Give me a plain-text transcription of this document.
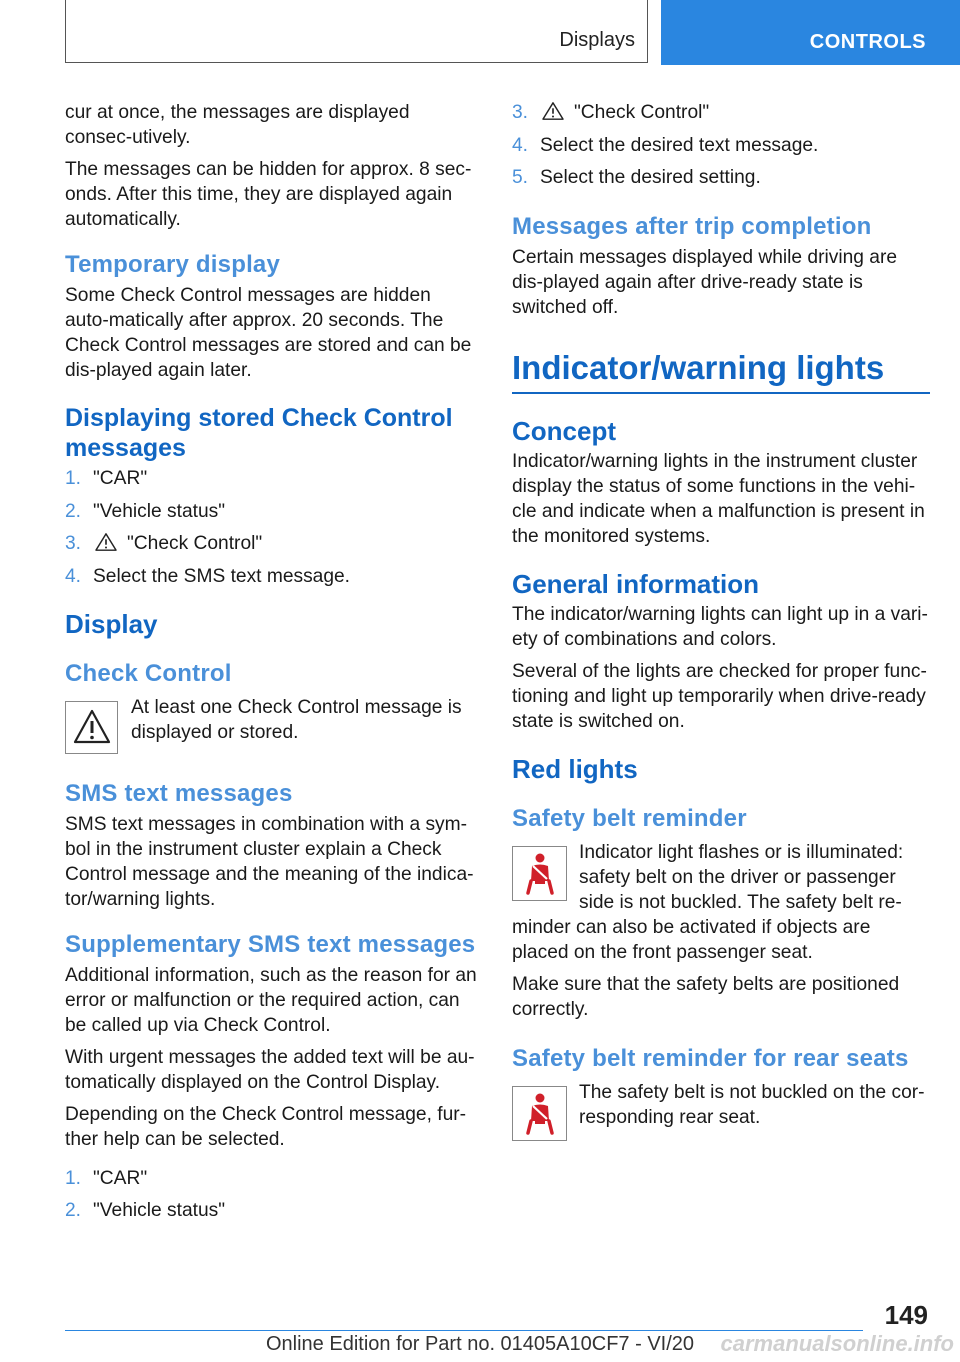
Displays	CONTROLS

cur at once, the messages are displayed consec-utively.

The messages can be hidden for approx. 8 sec-onds. After this time, they are displayed again automatically.

Temporary display

Some Check Control messages are hidden auto-matically after approx. 20 seconds. The Check Control messages are stored and can be dis-played again later.

Displaying stored Check Control messages
1. "CAR"
2. "Vehicle status"
3.	"Check Control"
4. Select the SMS text message.
Display
Check Control

At least one Check Control message is displayed or stored.

SMS text messages

SMS text messages in combination with a sym-bol in the instrument cluster explain a Check Control message and the meaning of the indica-tor/warning lights.

Supplementary SMS text messages

Additional information, such as the reason for an error or malfunction or the required action, can be called up via Check Control.

With urgent messages the added text will be au-tomatically displayed on the Control Display.

Depending on the Check Control message, fur-ther help can be selected.

1. "CAR"
2. "Vehicle status"
3.	"Check Control"
4. Select the desired text message.
5. Select the desired setting.
Messages after trip completion

Certain messages displayed while driving are dis-played again after drive-ready state is switched off.

Indicator/warning lights
Concept

Indicator/warning lights in the instrument cluster display the status of some functions in the vehi-cle and indicate when a malfunction is present in the monitored systems.

General information

The indicator/warning lights can light up in a vari-ety of combinations and colors.

Several of the lights are checked for proper func-tioning and light up temporarily when drive-ready state is switched on.

Red lights
Safety belt reminder

Indicator light flashes or is illuminated: safety belt on the driver or passenger side is not buckled. The safety belt re-minder can also be activated if objects are placed on the front passenger seat.

Make sure that the safety belts are positioned correctly.

Safety belt reminder for rear seats

The safety belt is not buckled on the cor-responding rear seat.

149
Online Edition for Part no. 01405A10CF7 - VI/20	carmanualsonline.info
